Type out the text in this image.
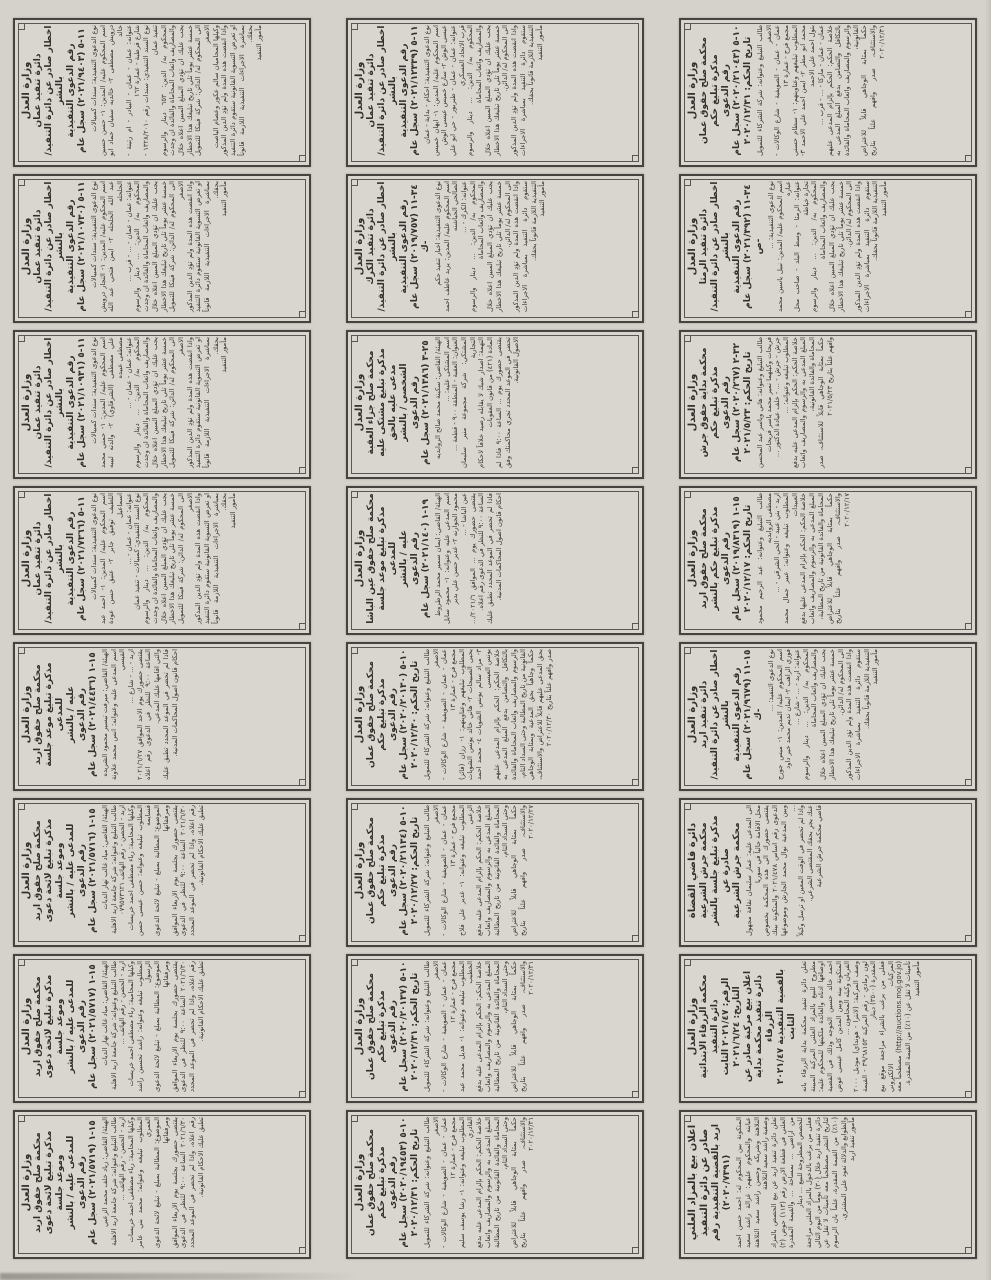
وزارة العدل دائرة تنفيذ عمان اخطار صادر عن دائرة التنفيذ/ بالنشر رقم الدعوى التنفيذية ١١-٥ (٢٠٢١/٩٤٠٣) سجل عام نوع الدعوى التنفيذية: سندات كمبيالات
اسم المحكوم عليه/ المدين: ١- حسن حسين درويش مصطفى ٢- خالديه سفيان حماد ابو خالد عنوانه: عمان - عمان - البيادر - ام رتينة - شارع قرطبة - عمارة ١٦٢
نوع السند التنفيذي: سندات رقم ١٣٢٨/٢٠١٠ - تنفيذ عمان
المحكوم به/ الدين: ٦٥٣ دينار والرسوم والمصاريف واتعاب المحاماة والفائدة ان وجدت يجب عليك ان تؤدي المبلغ المبين اعلاه خلال خمسة عشر يوماً تلي تاريخ تبليغك هذا الاخطار الى المحكوم له/ الدائن: شركة فينكا للتمويل الاصغر وكيلها المحاميان سالم عكور وعصام الياصت واذا انقضت هذه المدة ولم تؤدِ الدين المذكور او تعرض التسوية القانونية ستقوم دائرة التنفيذ بمباشرة الاجراءات التنفيذية اللازمة قانوناً بحقك. مأمور التنفيذ
وزارة العدل دائرة تنفيذ عمان اخطار صادر عن دائرة التنفيذ/ بالنشر رقم الدعوى التنفيذية ١١-٥ (٢٠٢١/١٠٧٣٠) سجل عام نوع الدعوى التنفيذية: سندات كمبيالات
اسم المحكوم عليه/ المدين: ١- التجار درويش عبد الله الحلحله ٢- ايمن فتحي عبد الله الحلحله عنوانه: عمان - عمان - ... - قرب ... المحكوم به/ الدين: ... دينار والرسوم والمصاريف واتعاب المحاماة والفائدة ان وجدت يجب عليك ان تؤدي المبلغ المبين اعلاه خلال خمسة عشر يوماً تلي تاريخ تبليغك هذا الاخطار الى المحكوم له/ الدائن: شركة فينكا للتمويل الاصغر واذا انقضت هذه المدة ولم تؤدِ الدين المذكور او تعرض التسوية القانونية ستقوم دائرة التنفيذ بمباشرة الاجراءات التنفيذية اللازمة قانوناً بحقك. مأمور التنفيذ
وزارة العدل دائرة تنفيذ عمان اخطار صادر عن دائرة التنفيذ/ بالنشر رقم الدعوى التنفيذية ١١-٥ (٢٠٢١/١٠٩٣١) سجل عام نوع الدعوى التنفيذية: سندات كمبيالات
اسم المحكوم عليه/ المدين: ١- حمني محمد علي مصطفى (الشرقاوي) ٢- والدته لبيبه مصطفى عبيده عنوانه: عمان - عمان - ... المحكوم به/ الدين: ... دينار والرسوم والمصاريف واتعاب المحاماة والفائدة ان وجدت يجب عليك ان تؤدي المبلغ المبين اعلاه خلال خمسة عشر يوماً تلي تاريخ تبليغك هذا الاخطار الى المحكوم له/ الدائن: شركة فينكا للتمويل الاصغر واذا انقضت هذه المدة ولم تؤدِ الدين المذكور او تعرض التسوية القانونية ستقوم دائرة التنفيذ بمباشرة الاجراءات التنفيذية اللازمة قانوناً بحقك. مأمور التنفيذ
وزارة العدل دائرة تنفيذ عمان اخطار صادر عن دائرة التنفيذ/ بالنشر رقم الدعوى التنفيذية ١١-٥ (٢٠٢١/٧٣٦٦) سجل عام نوع الدعوى التنفيذية: سندات كمبيالات
اسم المحكوم عليه/ المدين: ١- احمد عبد اللطيف توفيق جابر ٢- عتيق حسن عودة اسماعيل عنوانه: عمان - عمان - ... نوع السند التنفيذي: كمبيالات - تنفيذ عمان المحكوم به/ الدين: ... دينار والرسوم والمصاريف واتعاب المحاماة والفائدة ان وجدت يجب عليك ان تؤدي المبلغ المبين اعلاه خلال خمسة عشر يوماً تلي تاريخ تبليغك هذا الاخطار الى المحكوم له/ الدائن: شركة فينكا للتمويل الاصغر واذا انقضت هذه المدة ولم تؤدِ الدين المذكور او تعرض التسوية القانونية ستقوم دائرة التنفيذ بمباشرة الاجراءات التنفيذية اللازمة قانوناً بحقك. مأمور التنفيذ
وزارة العدل محكمة صلح حقوق اربد مذكرة تبليغ موعد جلسة للمدعى عليه / بالنشر رقم الدعوى
١٥-١ (٢٠٢١/٤٤٣٦) سجل عام الهيئة/ القاضي: ميرفت تيسير محمود الشريده اسم المدعى عليه وعنوانه: انس محمد علاونة القيسي اربد - ... - شارع ...
يقتضى حضورك يوم الاحد الموافق ٢٠٢١/٦/٢٧ الساعة ٩:٠٠ للنظر في الدعوى رقم اعلاه والتي اقامها عليك المدعي. فاذا لم تحضر في الموعد المحدد تطبق عليك احكام قانون اصول المحاكمات المدنية.
وزارة العدل محكمة صلح حقوق اربد مذكرة تبليغ لائحة دعوى وموعد جلسة للمدعى عليه / بالنشر رقم الدعوى
١٥-١ (٢٠٢١/٥٧١٦) سجل عام الهيئة/ القاضي: مياد غالب نهار الديات طالب التبليغ وعنوانه: شركة جامعة اربد الاهلية اربد - الحصن - رقم الهاتف ٠٧٩٥٧٣٦٢١ وكيلها المحامية: رباء مصطفى احمد خريسات المطلوب تبليغه وعنوانه: حسن عيسى حسن قسايمه الموضوع: المطالبة بمبلغ - تبليغ لائحة الدعوى ومرفقاتها يقتضى حضورك بجلسة يوم الاربعاء الموافق ٢٠٢١/٦/٣٠ الساعة ٩:٠٠ للنظر في الدعوى رقم اعلاه، واذا لم تحضر في الموعد المحدد تطبق عليك الاحكام القانونية.
وزارة العدل محكمة صلح حقوق اربد مذكرة تبليغ لائحة دعوى وموعد جلسة للمدعى عليه / بالنشر رقم الدعوى
١٥-١ (٢٠٢١/٥٧١٧) سجل عام الهيئة/ القاضي: مياد غالب نهار الديات طالب التبليغ وعنوانه: شركة جامعة اربد الاهلية اربد - الحصن - رقم الهاتف ... وكيلها المحامية: رباء مصطفى احمد خريسات المطلوب تبليغه وعنوانه: راشد تحسين راشد الرسول الموضوع: المطالبة بمبلغ - تبليغ لائحة الدعوى ومرفقاتها يقتضى حضورك بجلسة يوم الاربعاء الموافق ٢٠٢١/٦/٣٠ الساعة ٩:٠٠ للنظر في الدعوى رقم اعلاه، واذا لم تحضر في الموعد المحدد تطبق عليك الاحكام القانونية.
وزارة العدل محكمة صلح حقوق اربد مذكرة تبليغ لائحة دعوى وموعد جلسة للمدعى عليه / بالنشر رقم الدعوى
١٥-١ (٢٠٢١/٥٧١٩) سجل عام الهيئة/ القاضي: زياد خلف محمد الزعبي طالب التبليغ وعنوانه: شركة جامعة اربد الاهلية اربد - الحصن - رقم الهاتف ... وكيلها المحامية: رباء مصطفى احمد خريسات المطلوب تبليغه وعنوانه: محمد بني عامر العمري الموضوع: المطالبة بمبلغ - تبليغ لائحة الدعوى ومرفقاتها يقتضى حضورك بجلسة يوم الاربعاء الموافق ٢٠٢١/٦/٣٠ الساعة ٩:٠٠ للنظر في الدعوى رقم اعلاه، واذا لم تحضر في الموعد المحدد تطبق عليك الاحكام القانونية.
وزارة العدل دائرة تنفيذ عمان اخطار صادر عن دائرة التنفيذ/ بالنشر رقم الدعوى التنفيذية ١١-٥ (٢٠٢١/١٢٣٣٩) سجل عام نوع الدعوى التنفيذية: احكام - بداية - عمان اسم المحكوم عليه/ المدين: ١- ايهان خميس عيسى الوش ٢- سارع خميس عيسى الوش عنوانه: عمان - عمان - طبربور - حي ابو علي قرب الاتحاد العسكري المحكوم به/ الدين: ... دينار والرسوم والمصاريف واتعاب المحاماة يجب عليك ان تؤدي المبلغ المبين اعلاه خلال خمسة عشر يوماً تلي تاريخ تبليغك هذا الاخطار الى المحكوم له/ الدائن. واذا انقضت هذه المدة ولم تؤدِ الدين المذكور ستقوم دائرة التنفيذ بمباشرة الاجراءات التنفيذية اللازمة قانوناً بحقك. مأمور التنفيذ
وزارة العدل دائرة تنفيذ الكرك اخطار صادر عن دائرة التنفيذ/ بالنشر رقم الدعوى التنفيذية ٣٤-١١ (٢٠١٩/٧٥٧) سجل عام -ك نوع الدعوى التنفيذية: اخبار تنفيذ حكم اسم المحكوم عليه/ المدين: يزيد عاطف احمد الصالحي الحباشنه عنوانه: الكرك - ... المحكوم به/ الدين: ... دينار والرسوم والمصاريف واتعاب المحاماة يجب عليك ان تؤدي المبلغ المبين اعلاه خلال خمسة عشر يوماً تلي تاريخ تبليغك هذا الاخطار الى المحكوم له/ الدائن. واذا انقضت هذه المدة ولم تؤدِ الدين المذكور ستقوم دائرة التنفيذ بمباشرة الاجراءات التنفيذية اللازمة قانوناً بحقك. مأمور التنفيذ
وزارة العدل محكمة صلح جزاء العقبة مذكرة تبليغ مشتكى عليه مدعى عليه بالحق الشخصي / بالنشر رقم الدعوى
٢٥-٣ (٢٠٢١/١٣٨٦) سجل عام الهيئة/ القاضي: سكينة محمد صالح الروابديه اسم المشتكى عليه: ...
العنوان: العقبة - المنطقة ٩٠٠ - قطعة ... المشتكي: شركة مجموعة منير سليمان التجارية التهمة: اصدار شيك لا يقابله رصيد خلافاً لاحكام المادة (٤٢١) من قانون العقوبات
يقتضى حضورك يوم ... الساعة ٩:٠٠ فاذا لم تحضر في الموعد المحدد تجري محاكمتك وفق الاصول القانونية.
وزارة العدل محكمة صلح حقوق عين الباشا مذكرة تبليغ موعد جلسة للمدعى عليه / بالنشر رقم الدعوى
١٩-١ (٢٠٢١/١٤٠) سجل عام الهيئة/ القاضي: ايمان سمير محمد الرطروط اسم المدعى عليه وعنوانه: ١- محمود سايل محمود الجوارنه ٢- غدير حسن علي بدير عين الباشا - ...
يقتضى حضورك يوم ... الموافق ٢٠٢١/٦/... الساعة ٩:٠٠ للنظر في الدعوى رقم اعلاه. فاذا لم تحضر في الموعد المحدد تطبق عليك احكام قانون اصول المحاكمات المدنية.
وزارة العدل محكمة صلح حقوق عمان مذكرة تبليغ حكم رقم الدعوى
١٠-٥ (٢٠٢٠/٢٠١٣٠) سجل عام
تاريخ الحكم: ٢٠٢٠/١٢/٣٠ طالب التبليغ وعنوانه: شركة الشركاء للتمويل الاصغر عمان - عمان - الصويفية - شارع الوكالات - مجمع فرح - عمارة ١٣
المطلوب تبليغهم وعناوينهم: ١- رزان (فائز) يحيى الصبيحات ٢- هاني خالد يونس الشويات ٣- مراد سالم يونس الشويات ٤- محمد احمد يونس العيسى خلاصة الحكم: الحكم بإلزام المدعى عليهم بالتكافل والتضامن بدفع المبلغ المدعى به والرسوم والمصاريف واتعاب المحاماة والفائدة القانونية من تاريخ المطالبة وحتى السداد التام، حكماً وجاهياً بحق المدعية وبمثابة الوجاهي بحق المدعى عليهم قابلاً للاعتراض والاستئناف، صدر وافهم علناً بتاريخ ٢٠٢٠/١٢/٣٠
وزارة العدل محكمة صلح حقوق عمان مذكرة تبليغ حكم رقم الدعوى
١٠-٥ (٢٠٢٠/٢١١٣٤) سجل عام
تاريخ الحكم: ٢٠٢٠/١٢/٢٧ طالب التبليغ وعنوانه: شركة الشركاء للتمويل الاصغر عمان - عمان - الصويفية - شارع الوكالات - مجمع فرح - عمارة ١٣
المطلوب تبليغه وعنوانه: ١- غدير علي فلاح الزعبي خلاصة الحكم: الحكم بإلزام المدعى عليه بدفع المبلغ المدعى به والرسوم والمصاريف واتعاب المحاماة والفائدة القانونية من تاريخ المطالبة وحتى السداد التام، حكماً بمثابة الوجاهي قابلاً للاعتراض والاستئناف، صدر وافهم علناً بتاريخ ٢٠٢٠/١٢/٢٧
وزارة العدل محكمة صلح حقوق عمان مذكرة تبليغ حكم رقم الدعوى
١٠-٥ (٢٠٢٠/٢٠١٣٧) سجل عام
تاريخ الحكم: ٢٠٢٠/١٢/٣١ طالب التبليغ وعنوانه: شركة الشركاء للتمويل الاصغر عمان - عمان - الصويفية - شارع الوكالات - مجمع فرح - عمارة ١٢
المطلوب تبليغه وعنوانه: ١- هديل محمد عيد الخطيب خلاصة الحكم: الحكم بإلزام المدعى عليه بدفع المبلغ المدعى به والرسوم والمصاريف واتعاب المحاماة والفائدة القانونية من تاريخ المطالبة وحتى السداد التام، حكماً بمثابة الوجاهي قابلاً للاعتراض والاستئناف، صدر وافهم علناً بتاريخ ٢٠٢٠/١٢/٣١
وزارة العدل محكمة صلح حقوق عمان مذكرة تبليغ حكم رقم الدعوى
١٠-٥ (٢٠٢٠/١٩٤٥٣) سجل عام
تاريخ الحكم: ٢٠٢٠/١٢/٣١ طالب التبليغ وعنوانه: شركة الشركاء للتمويل الاصغر عمان - عمان - الصويفية - شارع الوكالات - مجمع فرح - عمارة ١٢
المطلوب تبليغه وعنوانه: ١- رشا يوسف سليم القادري خلاصة الحكم: الحكم بإلزام المدعى عليه بدفع المبلغ المدعى به والرسوم والمصاريف واتعاب المحاماة والفائدة القانونية من تاريخ المطالبة وحتى السداد التام، حكماً بمثابة الوجاهي قابلاً للاعتراض والاستئناف، صدر وافهم علناً بتاريخ ٢٠٢٠/١٢/٣١
وزارة العدل محكمة صلح حقوق عمان مذكرة تبليغ حكم رقم الدعوى
١٠-٥ (٢٠٢٠/٢١٠٤٣) سجل عام
تاريخ الحكم: ٢٠٢٠/١٢/٣١ طالب التبليغ وعنوانه: شركة الشركاء للتمويل الاصغر عمان - عمان - الصويفية - شارع الوكالات - مجمع فرح - عمارة ١٣
المطلوب تبليغهم وعناوينهم: ١- سطام حسني محمد ابو مطر ٢- ايمن احمد علي الاحمد ٣- بتول احمد علي الاحمد عمان - عمان - ماركا - ... - قرب ... خلاصة الحكم: الحكم بإلزام المدعى عليهم بالتكافل والتضامن بدفع المبلغ المدعى به والرسوم والمصاريف واتعاب المحاماة والفائدة القانونية، حكماً بمثابة الوجاهي قابلاً للاعتراض والاستئناف، صدر وافهم علناً بتاريخ ٢٠٢٠/١٢/٣١
وزارة العدل دائرة تنفيذ الرمثا اخطار صادر عن دائرة التنفيذ/ بالنشر رقم الدعوى التنفيذية ٣٤-١١ (٢٠٢١/٣٩٢) سجل عام -ص نوع الدعوى التنفيذية: ... اسم المحكوم عليه/ المدين: نبيل ياسين محمد عباره عنوانه: الرمثا - وسط البلد - صاحب محل تجارة خياطة المحكوم به/ الدين: ... دينار والرسوم والمصاريف واتعاب المحاماة يجب عليك ان تؤدي المبلغ المبين اعلاه خلال خمسة عشر يوماً تلي تاريخ تبليغك هذا الاخطار الى المحكوم له/ الدائن. واذا انقضت هذه المدة ولم تؤدِ الدين المذكور ستقوم دائرة التنفيذ بمباشرة الاجراءات التنفيذية اللازمة قانوناً بحقك. مأمور التنفيذ
وزارة العدل محكمة بداية حقوق جرش مذكرة تبليغ حكم رقم الدعوى
٣٢-٢ (٢٠٢٠/٢٦٧) سجل عام
تاريخ الحكم: ٢٠٢١/٥/٢٣ طالب التبليغ وعنوانه: هاني وياسر عبد المحسن فريحات وكيلهما نمير محمد ياسر فريحات جرش - جرش - ... - خلف عيادة الدكتور ... المطلوب تبليغه وعنوانه: ... خلاصة الحكم: الحكم بإلزام المدعى عليه بدفع المبلغ المدعى به والرسوم والمصاريف واتعاب المحاماة والفائدة القانونية، حكماً بمثابة الوجاهي قابلاً للاستئناف، صدر وافهم علناً بتاريخ ٢٠٢١/٥/٢٣
وزارة العدل محكمة صلح حقوق اربد مذكرة تبليغ حكم بالنشر رقم الدعوى
١٥-١ (٢٠١٩/٨٣١٩) سجل عام
تاريخ الحكم: ٢٠٢٠/١٢/١٧ طالب التبليغ وعنوانه: عبد الرحيم محمود مصطفى الروابديه اربد - بني عبيد - الحي الشرقي - ... المطلوب تبليغه وعنوانه: عبير جمال محمد العبيدات خلاصة الحكم: الحكم بإلزام المدعى عليها بدفع المبلغ المدعى به والرسوم والمصاريف واتعاب المحاماة والفائدة القانونية من تاريخ المطالبة، حكماً بمثابة الوجاهي قابلاً للاعتراض والاستئناف، صدر وافهم علناً بتاريخ ٢٠٢٠/١٢/١٧
وزارة العدل دائرة تنفيذ اربد اخطار صادر عن دائرة التنفيذ/ بالنشر رقم الدعوى التنفيذية ١٥-١١ (٢٠٢١/٩٦٧٩) سجل عام -ك
نوع الدعوى التنفيذ: ...
اسم المحكوم عليه/ المدين: ١- ميس جورج فوزي الراهب ٢- ايمان نديم محمد خير داود عنوانه: اربد - ... - شارع ... المحكوم به/ الدين: ... دينار والرسوم والمصاريف واتعاب المحاماة يجب عليك ان تؤدي المبلغ المبين اعلاه خلال خمسة عشر يوماً تلي تاريخ تبليغك هذا الاخطار الى المحكوم له/ الدائن. واذا انقضت هذه المدة ولم تؤدِ الدين المذكور ستقوم دائرة التنفيذ بمباشرة الاجراءات التنفيذية اللازمة قانوناً بحقك. مأمور التنفيذ
دائرة قاضي القضاة محكمة جرش الشرعية مذكرة تبليغ جلسة بالنشر صادرة عن محكمة جرش الشرعية الى المدعى عليه: عمار سليمان نقافة مجهول محل الاقامة حالياً في سوريا يقتضى حضورك الى هذه المحكمة بخصوص الدعوى رقم اساس ٢٠٢١/٤٧٨ والمتكونة بينك وبين المدعية نوال محمد الجارش وموضوعها ... واذا لم تحضر في الوقت المعين او ترسل وكيلاً عنك يجرِ بحقك المقتضى الشرعي. قاضي محكمة جرش الشرعية
وزارة العدل محكمة الزرقاء الابتدائية دائرة التنفيذ
الرقم: ٢٠٢١/٤٧ الثابت
التاريخ: ٢٠٢١/٦/٢٤ اعلان بيع مركبة صادر عن دائرة تنفيذ محكمة بداية الزرقاء
بالقضية التنفيذية ٢٠٢١/٤٧ الثابت تعلن دائرة تنفيذ محكمة بداية الزرقاء بانه مطروح للبيع بالمزاد العلني المركبة المبينة اوصافها ادناه والعائدة ملكيتها للمحكوم عليه: احمد خالد حسين الخوجه وذلك في القضية المتكونة بينه وبين المدين كامل عيسى عوض الفريان وكيله المحامون ...
وصف المركبة: (لانترا - هونداي) موديل ٢٠٠٠ لون رمادي - رقم المركبة ٣٩/٦٨١٥٣ - القيمة المقدرة (٣٥٠٠) دينار فعلى من يرغب بالشراء مراجعة موقع بيع المركبات الالكتروني (http://auctions.moj.gov.jo) مصطحباً معه تأمينات لا تقل عن (١٠٪) من القيمة المقدرة. مأمور التنفيذ
اعلان بيع بالمزاد العلني صادر عن دائرة التنفيذ اربد بالقضية التنفيذية رقم (٢٠٢٠/٧٣٩١) المتكونة بين المحكوم له: احمد حسن احمد عبابنه والمحكوم عليهم: غزالة راشد سعيد التلاهنة وشريكه وحسن راشد سعيد التلاهنة وصفية راشد سعيد التلاهنة تعلن دائرة تنفيذ اربد عن بيع الحصص بالمزاد العلني في قطعة الارض رقم (١١٣) حوض (٢) من اراضي ... بمساحة ... والقيمة المقدرة للحصص المطروحة للبيع ... دينار فعلى من يرغب بالدخول بالمزاد العلني مراجعة دائرة تنفيذ اربد خلال (٣٠) يوماً من اليوم التالي لتاريخ النشر مصطحباً معه تأمينات لا تقل عن (١٠٪) من القيمة المقدرة، علماً بان الرسوم والطوابع والدلالة تعود على المشتري. مأمور تنفيذ اربد
